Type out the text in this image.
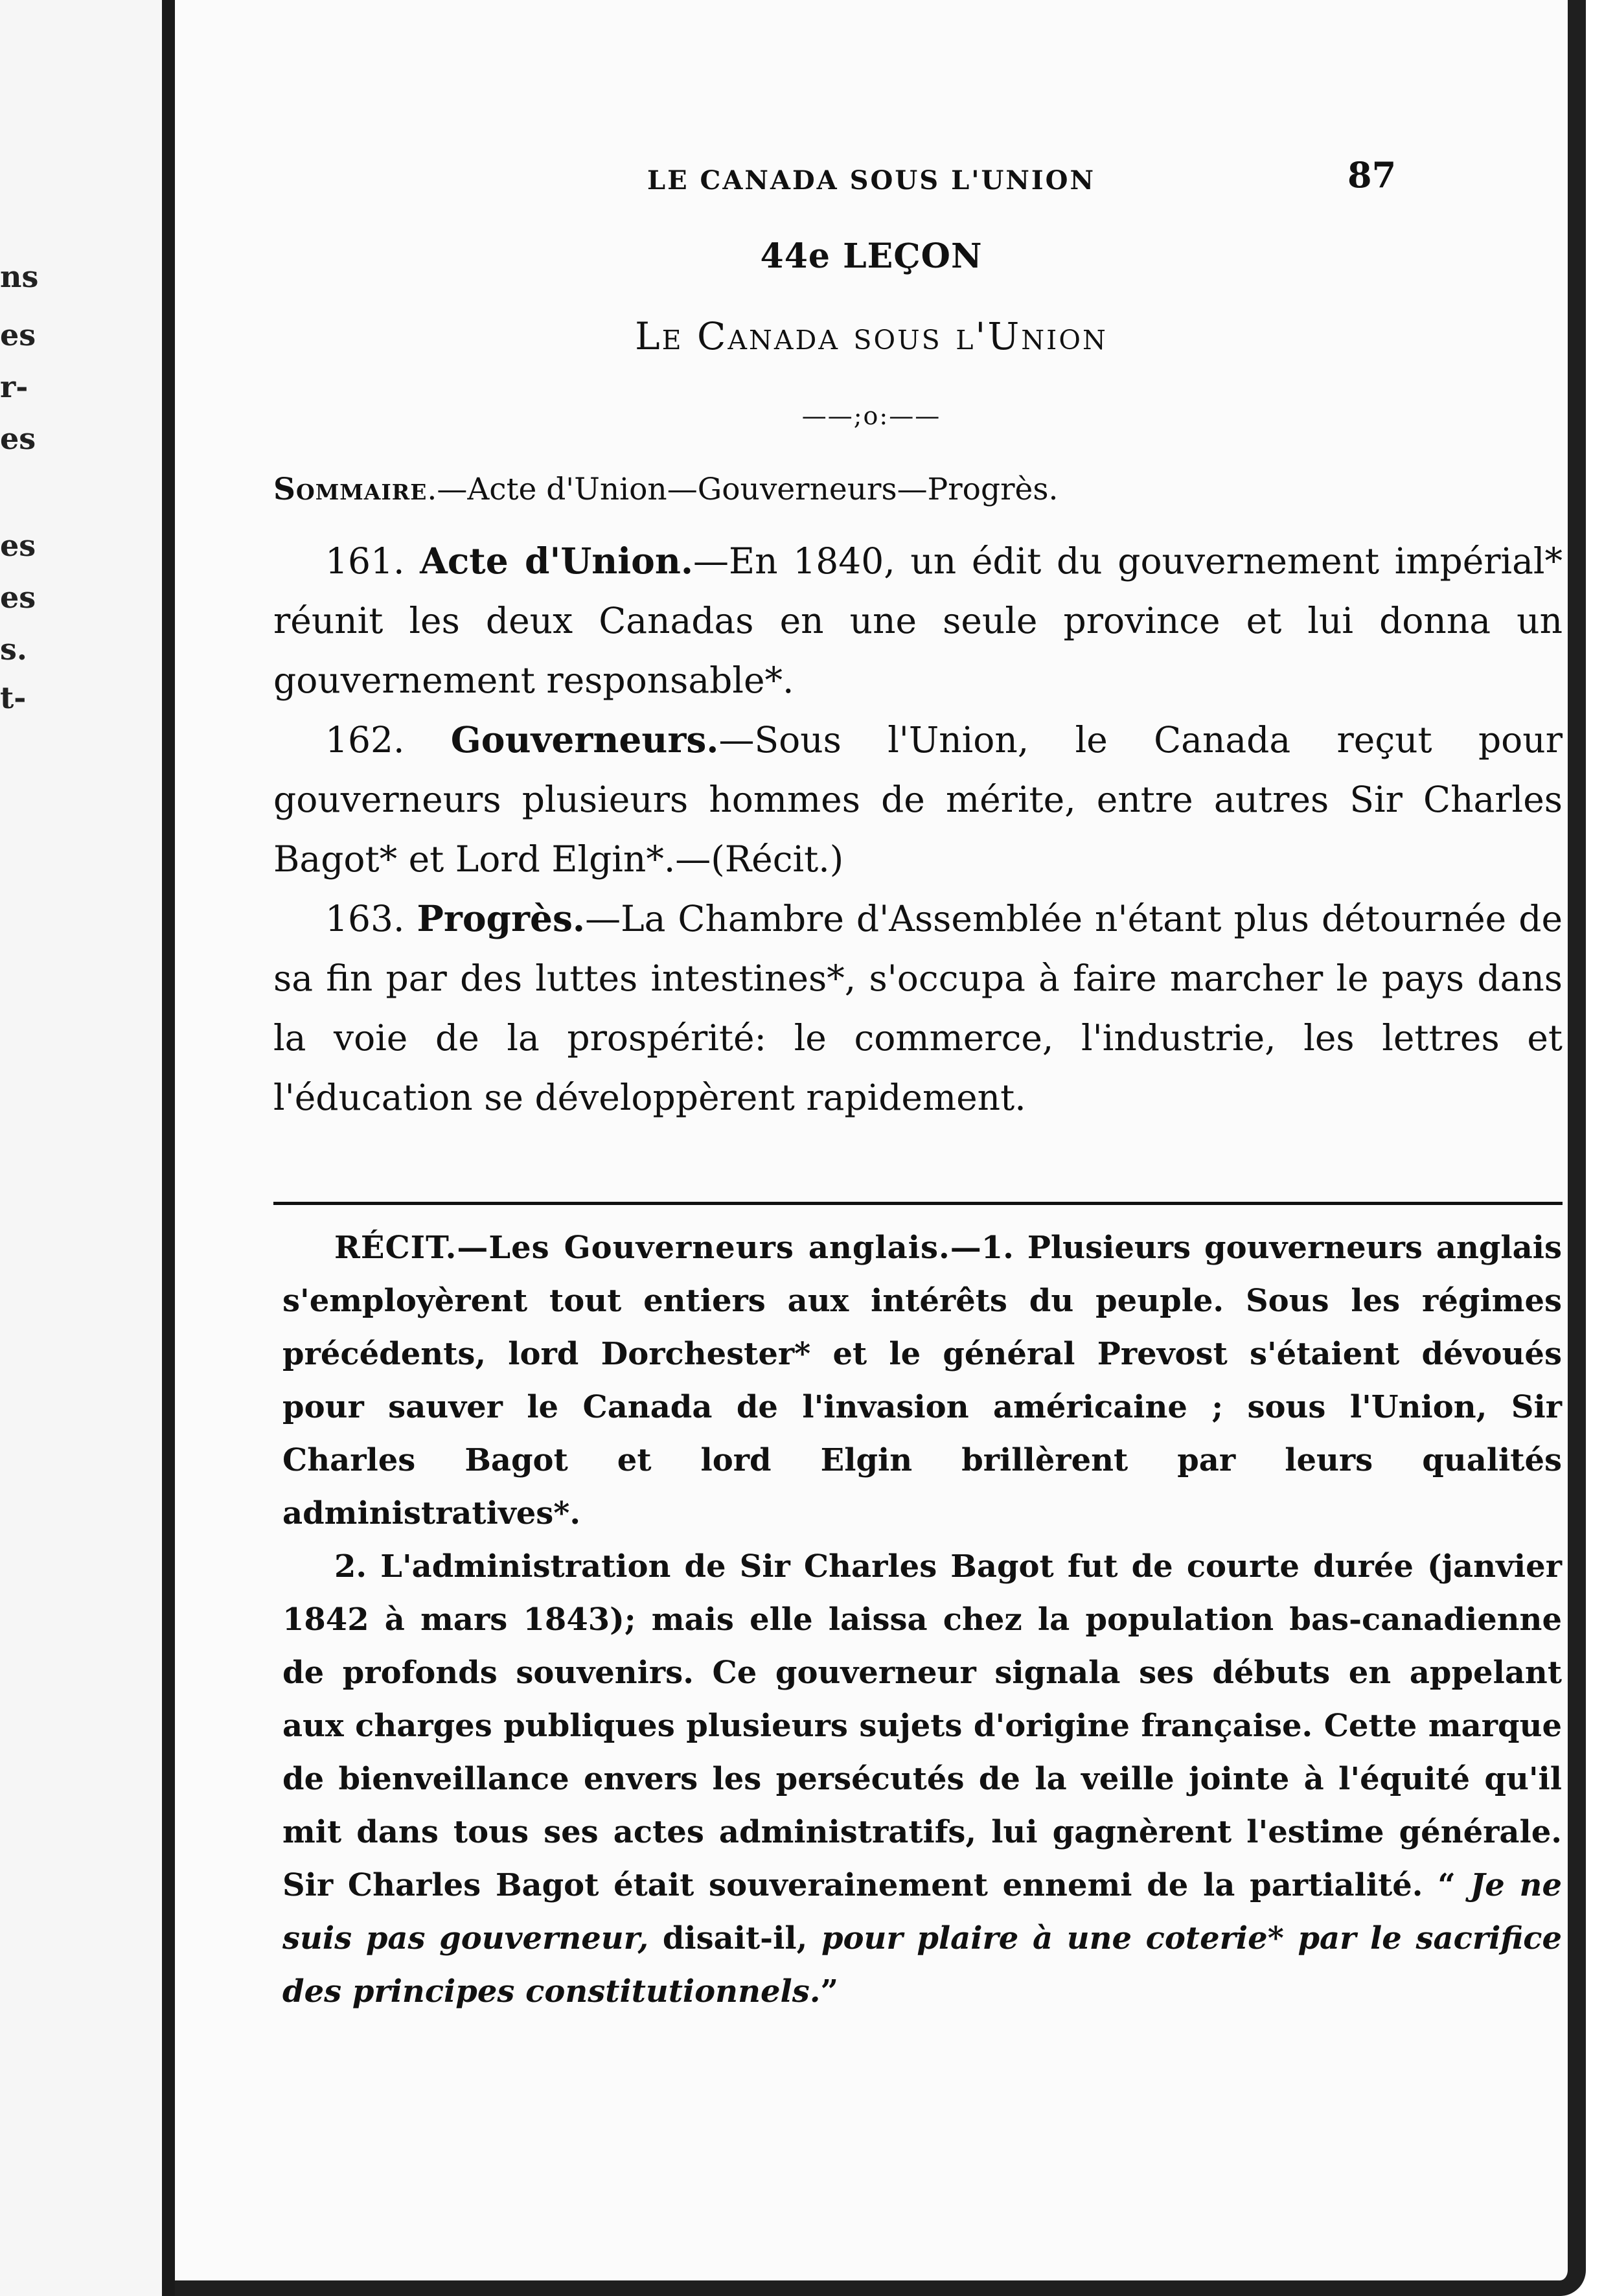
ns
es
r-
es
es
es
s.
t-
LE CANADA SOUS L'UNION	87
44e LEÇON
Le Canada sous l'Union
——;o:——
Sommaire.—Acte d'Union—Gouverneurs—Progrès.

161. Acte d'Union.—En 1840, un édit du gouvernement impérial* réunit les deux Canadas en une seule province et lui donna un gouvernement responsable*.

162. Gouverneurs.—Sous l'Union, le Canada reçut pour gouverneurs plusieurs hommes de mérite, entre autres Sir Charles Bagot* et Lord Elgin*.—(Récit.)

163. Progrès.—La Chambre d'Assemblée n'étant plus détournée de sa fin par des luttes intestines*, s'occupa à faire marcher le pays dans la voie de la prospérité: le commerce, l'industrie, les lettres et l'éducation se développèrent rapidement.

RÉCIT.—Les Gouverneurs anglais.—1. Plusieurs gouverneurs anglais s'employèrent tout entiers aux intérêts du peuple. Sous les régimes précédents, lord Dorchester* et le général Prevost s'étaient dévoués pour sauver le Canada de l'invasion américaine ; sous l'Union, Sir Charles Bagot et lord Elgin brillèrent par leurs qualités administratives*.

2. L'administration de Sir Charles Bagot fut de courte durée (janvier 1842 à mars 1843); mais elle laissa chez la population bas-canadienne de profonds souvenirs. Ce gouverneur signala ses débuts en appelant aux charges publiques plusieurs sujets d'origine française. Cette marque de bienveillance envers les persécutés de la veille jointe à l'équité qu'il mit dans tous ses actes administratifs, lui gagnèrent l'estime générale. Sir Charles Bagot était souverainement ennemi de la partialité. “ Je ne suis pas gouverneur, disait-il, pour plaire à une coterie* par le sacrifice des principes constitutionnels.”
